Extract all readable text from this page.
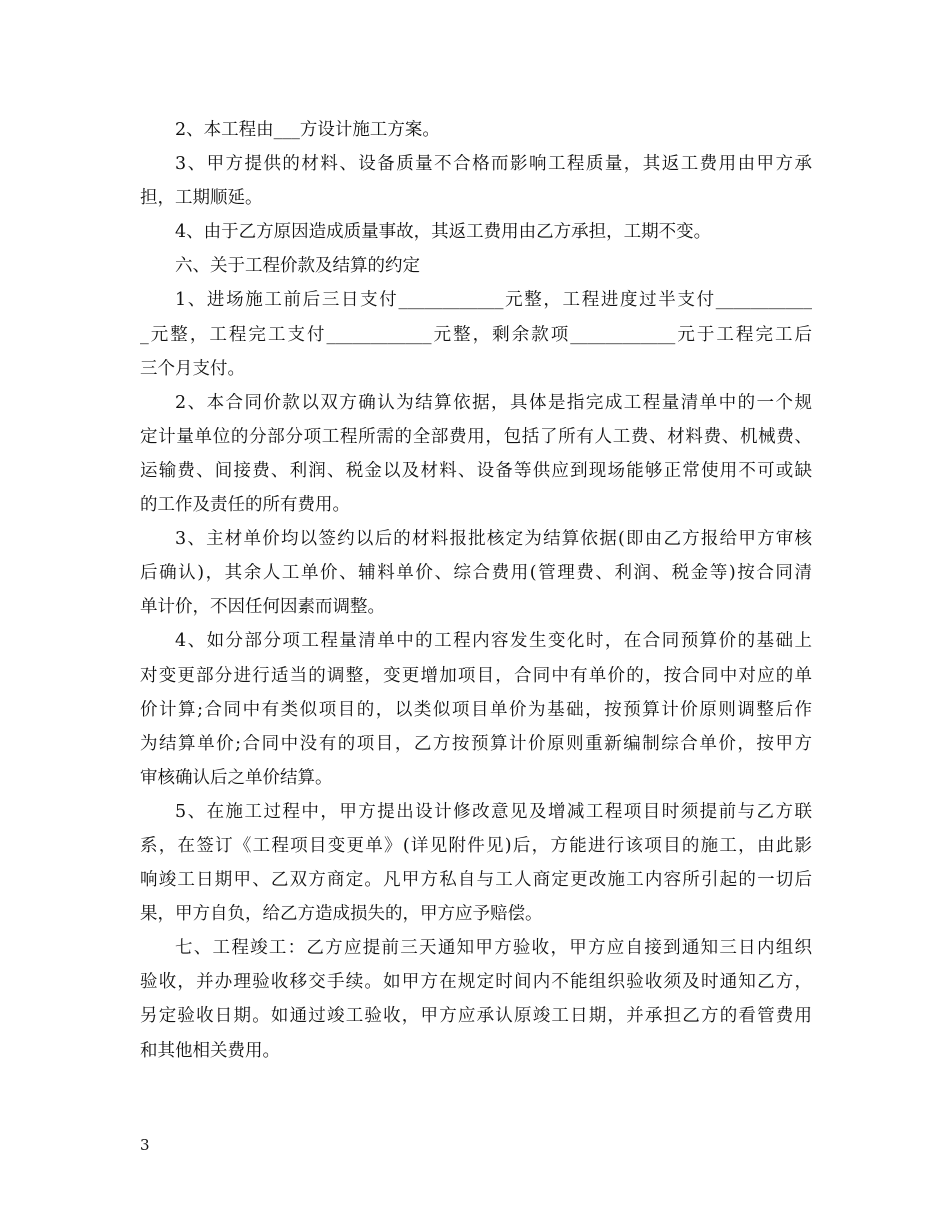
2、本工程由___方设计施工方案。
3、甲方提供的材料、设备质量不合格而影响工程质量，其返工费用由甲方承
担，工期顺延。
4、由于乙方原因造成质量事故，其返工费用由乙方承担，工期不变。
六、关于工程价款及结算的约定
1、进场施工前后三日支付____________元整，工程进度过半支付___________
_元整，工程完工支付____________元整，剩余款项____________元于工程完工后
三个月支付。
2、本合同价款以双方确认为结算依据，具体是指完成工程量清单中的一个规
定计量单位的分部分项工程所需的全部费用，包括了所有人工费、材料费、机械费、
运输费、间接费、利润、税金以及材料、设备等供应到现场能够正常使用不可或缺
的工作及责任的所有费用。
3、主材单价均以签约以后的材料报批核定为结算依据(即由乙方报给甲方审核
后确认)，其余人工单价、辅料单价、综合费用(管理费、利润、税金等)按合同清
单计价，不因任何因素而调整。
4、如分部分项工程量清单中的工程内容发生变化时，在合同预算价的基础上
对变更部分进行适当的调整，变更增加项目，合同中有单价的，按合同中对应的单
价计算;合同中有类似项目的，以类似项目单价为基础，按预算计价原则调整后作
为结算单价;合同中没有的项目，乙方按预算计价原则重新编制综合单价，按甲方
审核确认后之单价结算。
5、在施工过程中，甲方提出设计修改意见及增减工程项目时须提前与乙方联
系，在签订《工程项目变更单》(详见附件见)后，方能进行该项目的施工，由此影
响竣工日期甲、乙双方商定。凡甲方私自与工人商定更改施工内容所引起的一切后
果，甲方自负，给乙方造成损失的，甲方应予赔偿。
七、工程竣工：乙方应提前三天通知甲方验收，甲方应自接到通知三日内组织
验收，并办理验收移交手续。如甲方在规定时间内不能组织验收须及时通知乙方，
另定验收日期。如通过竣工验收，甲方应承认原竣工日期，并承担乙方的看管费用
和其他相关费用。
3
